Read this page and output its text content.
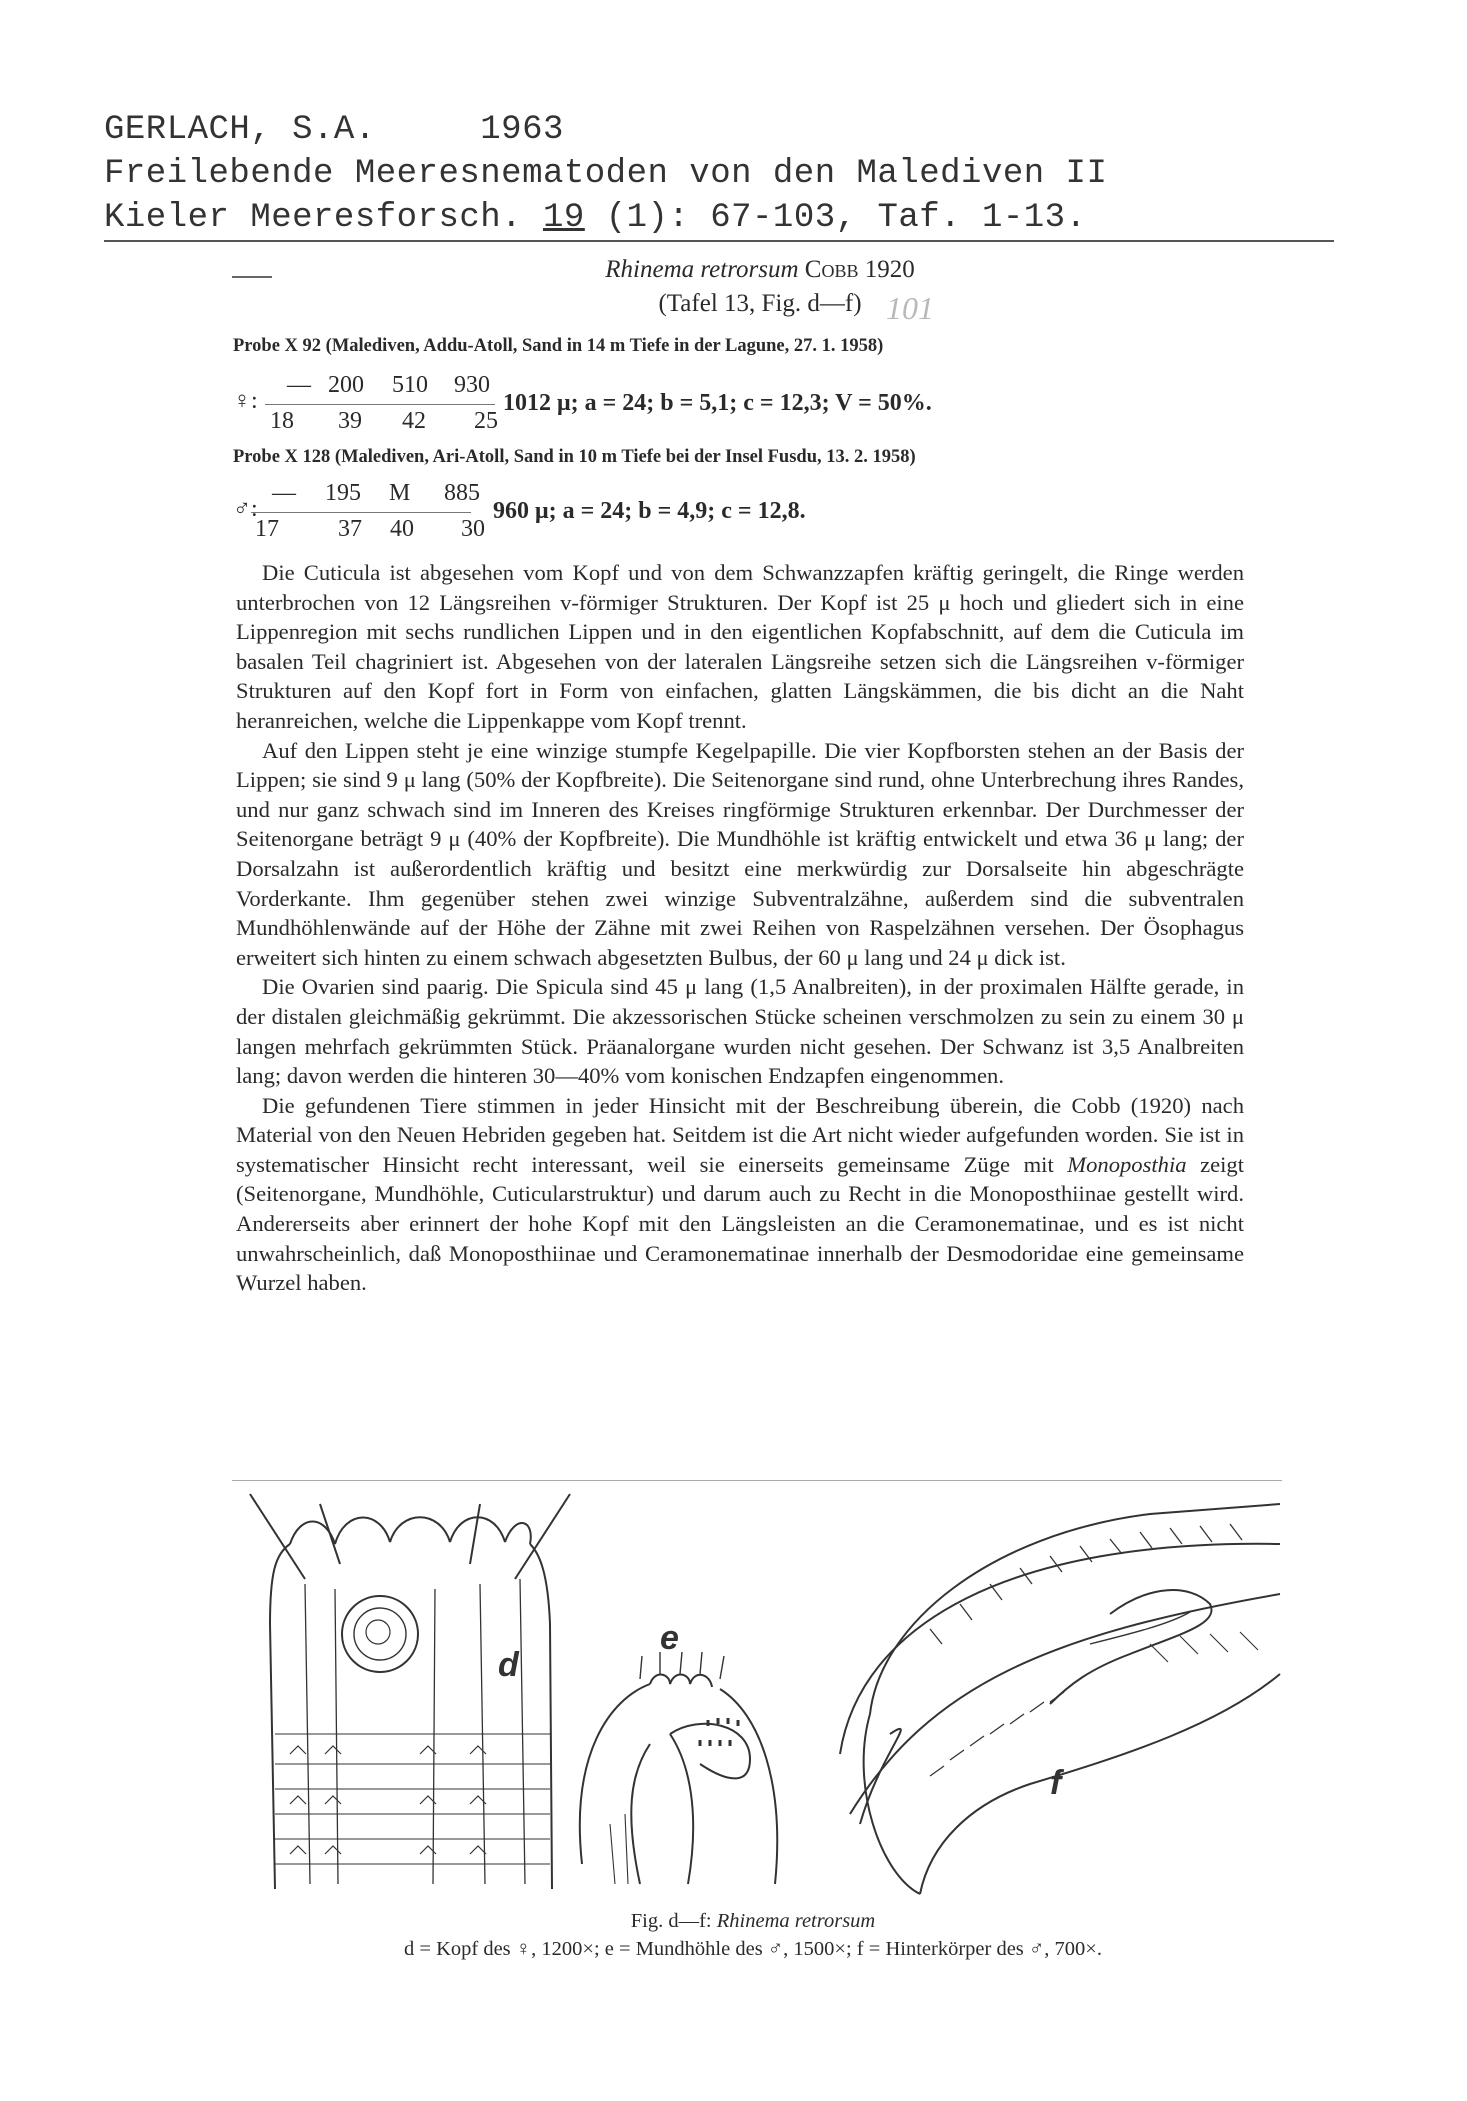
GERLACH, S.A.	1963
Freilebende Meeresnematoden von den Malediven II
Kieler Meeresforsch. 19 (1): 67-103, Taf. 1-13.
Rhinema retrorsum Cobb 1920
(Tafel 13, Fig. d—f) 101
Probe X 92 (Malediven, Addu-Atoll, Sand in 14 m Tiefe in der Lagune, 27. 1. 1958)
♀:
— 200 510 930
18 39 42 25
1012 μ; a = 24; b = 5,1; c = 12,3; V = 50%.
Probe X 128 (Malediven, Ari-Atoll, Sand in 10 m Tiefe bei der Insel Fusdu, 13. 2. 1958)
♂:
— 195 M 885
17 37 40 30
960 μ; a = 24; b = 4,9; c = 12,8.

Die Cuticula ist abgesehen vom Kopf und von dem Schwanzzapfen kräftig geringelt, die Ringe werden unterbrochen von 12 Längsreihen v-förmiger Strukturen. Der Kopf ist 25 μ hoch und gliedert sich in eine Lippenregion mit sechs rundlichen Lippen und in den eigentlichen Kopfabschnitt, auf dem die Cuticula im basalen Teil chagriniert ist. Abgesehen von der lateralen Längsreihe setzen sich die Längsreihen v-förmiger Strukturen auf den Kopf fort in Form von einfachen, glatten Längskämmen, die bis dicht an die Naht heranreichen, welche die Lippenkappe vom Kopf trennt.

Auf den Lippen steht je eine winzige stumpfe Kegelpapille. Die vier Kopfborsten stehen an der Basis der Lippen; sie sind 9 μ lang (50% der Kopfbreite). Die Seitenorgane sind rund, ohne Unterbrechung ihres Randes, und nur ganz schwach sind im Inneren des Kreises ringförmige Strukturen erkennbar. Der Durchmesser der Seitenorgane beträgt 9 μ (40% der Kopfbreite). Die Mundhöhle ist kräftig entwickelt und etwa 36 μ lang; der Dorsalzahn ist außerordentlich kräftig und besitzt eine merkwürdig zur Dorsalseite hin abgeschrägte Vorderkante. Ihm gegenüber stehen zwei winzige Subventralzähne, außerdem sind die subventralen Mundhöhlenwände auf der Höhe der Zähne mit zwei Reihen von Raspelzähnen versehen. Der Ösophagus erweitert sich hinten zu einem schwach abgesetzten Bulbus, der 60 μ lang und 24 μ dick ist.

Die Ovarien sind paarig. Die Spicula sind 45 μ lang (1,5 Analbreiten), in der proximalen Hälfte gerade, in der distalen gleichmäßig gekrümmt. Die akzessorischen Stücke scheinen verschmolzen zu sein zu einem 30 μ langen mehrfach gekrümmten Stück. Präanalorgane wurden nicht gesehen. Der Schwanz ist 3,5 Analbreiten lang; davon werden die hinteren 30—40% vom konischen Endzapfen eingenommen.

Die gefundenen Tiere stimmen in jeder Hinsicht mit der Beschreibung überein, die Cobb (1920) nach Material von den Neuen Hebriden gegeben hat. Seitdem ist die Art nicht wieder aufgefunden worden. Sie ist in systematischer Hinsicht recht interessant, weil sie einerseits gemeinsame Züge mit Monoposthia zeigt (Seitenorgane, Mundhöhle, Cuticularstruktur) und darum auch zu Recht in die Monoposthiinae gestellt wird. Andererseits aber erinnert der hohe Kopf mit den Längsleisten an die Ceramonematinae, und es ist nicht unwahrscheinlich, daß Monoposthiinae und Ceramonematinae innerhalb der Desmodoridae eine gemeinsame Wurzel haben.

d
e
f
Fig. d—f: Rhinema retrorsum
d = Kopf des ♀, 1200×; e = Mundhöhle des ♂, 1500×; f = Hinterkörper des ♂, 700×.
